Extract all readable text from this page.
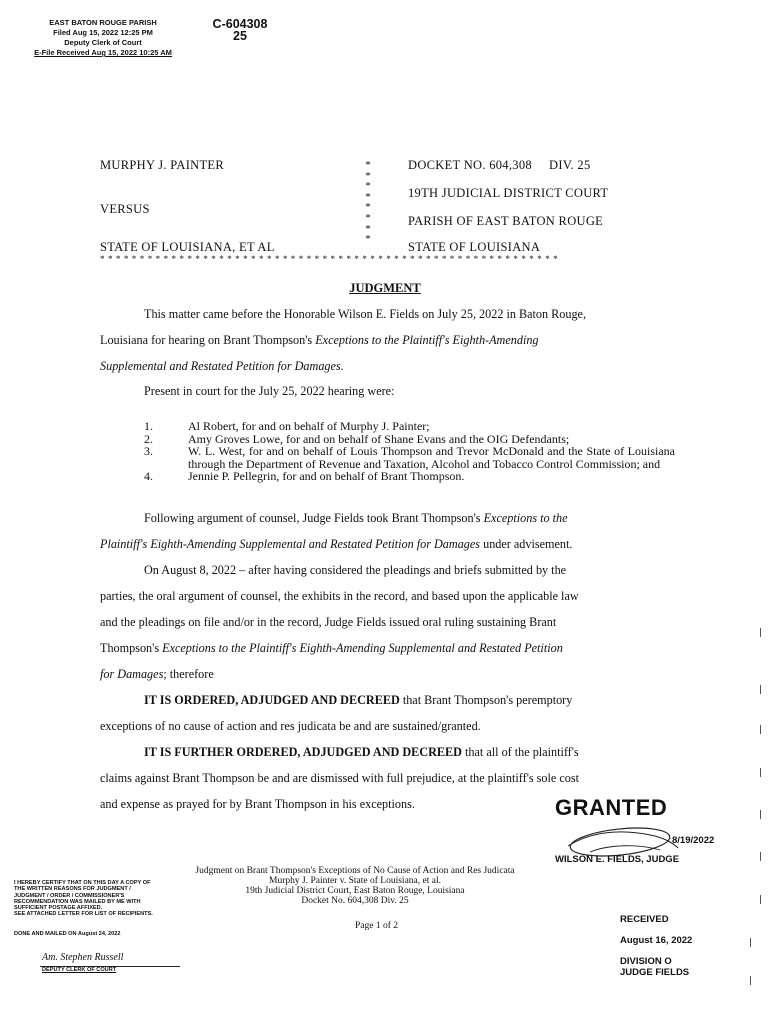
EAST BATON ROUGE PARISH
Filed Aug 15, 2022 12:25 PM
Deputy Clerk of Court
E-File Received Aug 15, 2022 10:25 AM
C-604308
25
MURPHY J. PAINTER
VERSUS
STATE OF LOUISIANA, ET AL
*
*
*
*
*
*
*
*
DOCKET NO. 604,308     DIV. 25
19TH JUDICIAL DISTRICT COURT
PARISH OF EAST BATON ROUGE
STATE OF LOUISIANA
* * * * * * * * * * * * * * * * * * * * * * * * * * * * * * * * * * * * * * * * * * * * * * * * * * * * * * * * * *
JUDGMENT
This matter came before the Honorable Wilson E. Fields on July 25, 2022 in Baton Rouge,
Louisiana for hearing on Brant Thompson's Exceptions to the Plaintiff's Eighth-Amending
Supplemental and Restated Petition for Damages.
Present in court for the July 25, 2022 hearing were:
1.	Al Robert, for and on behalf of Murphy J. Painter;
2.	Amy Groves Lowe, for and on behalf of Shane Evans and the OIG Defendants;
3.	W. L. West, for and on behalf of Louis Thompson and Trevor McDonald and the State of Louisiana through the Department of Revenue and Taxation, Alcohol and Tobacco Control Commission; and
4.	Jennie P. Pellegrin, for and on behalf of Brant Thompson.
Following argument of counsel, Judge Fields took Brant Thompson's Exceptions to the
Plaintiff's Eighth-Amending Supplemental and Restated Petition for Damages under advisement.
On August 8, 2022 – after having considered the pleadings and briefs submitted by the
parties, the oral argument of counsel, the exhibits in the record, and based upon the applicable law
and the pleadings on file and/or in the record, Judge Fields issued oral ruling sustaining Brant
Thompson's Exceptions to the Plaintiff's Eighth-Amending Supplemental and Restated Petition
for Damages; therefore
IT IS ORDERED, ADJUDGED AND DECREED that Brant Thompson's peremptory
exceptions of no cause of action and res judicata be and are sustained/granted.
IT IS FURTHER ORDERED, ADJUDGED AND DECREED that all of the plaintiff's
claims against Brant Thompson be and are dismissed with full prejudice, at the plaintiff's sole cost
and expense as prayed for by Brant Thompson in his exceptions.	GRANTED
8/19/2022
WILSON E. FIELDS, JUDGE
Judgment on Brant Thompson's Exceptions of No Cause of Action and Res Judicata
Murphy J. Painter v. State of Louisiana, et al.
19th Judicial District Court, East Baton Rouge, Louisiana
Docket No. 604,308 Div. 25
Page 1 of 2
I HEREBY CERTIFY THAT ON THIS DAY A COPY OF
THE WRITTEN REASONS FOR JUDGMENT /
JUDGMENT / ORDER / COMMISSIONER'S
RECOMMENDATION WAS MAILED BY ME WITH
SUFFICIENT POSTAGE AFFIXED.
SEE ATTACHED LETTER FOR LIST OF RECIPIENTS.
DONE AND MAILED ON August 24, 2022
Am. Stephen Russell
DEPUTY CLERK OF COURT
RECEIVED
August 16, 2022
DIVISION O
JUDGE FIELDS
